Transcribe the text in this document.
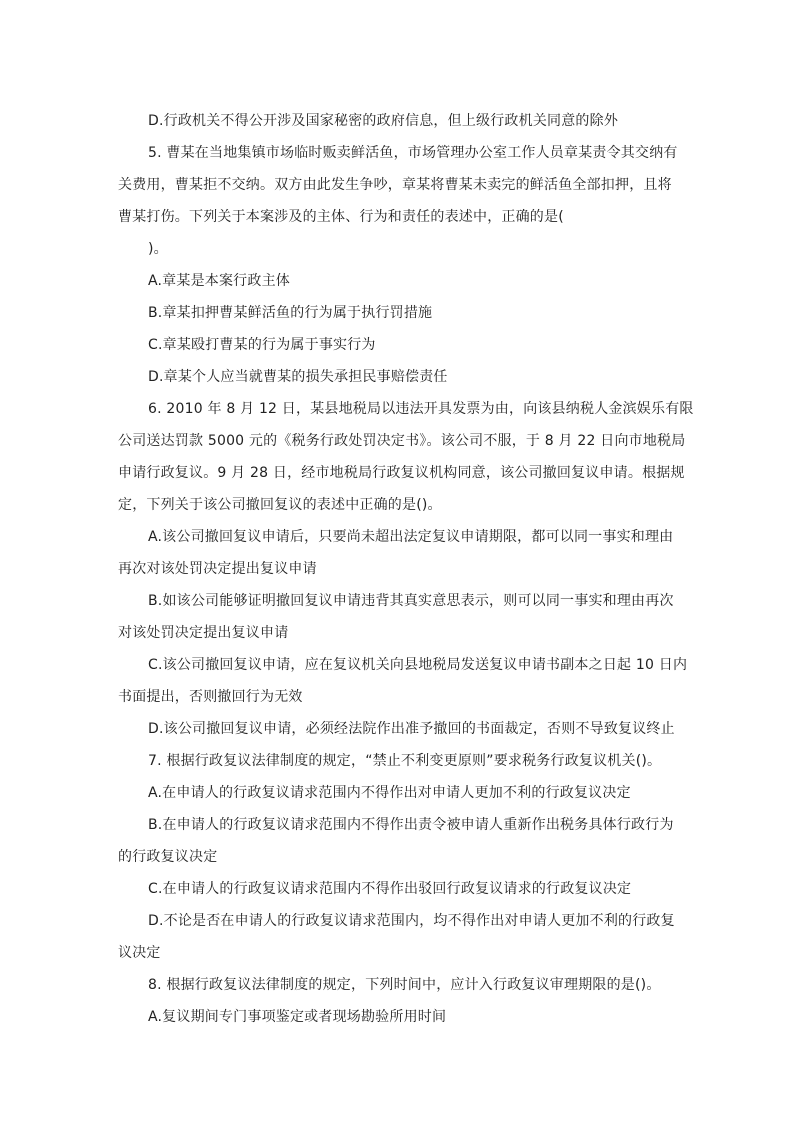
D.行政机关不得公开涉及国家秘密的政府信息，但上级行政机关同意的除外
5. 曹某在当地集镇市场临时贩卖鲜活鱼，市场管理办公室工作人员章某责令其交纳有
关费用，曹某拒不交纳。双方由此发生争吵，章某将曹某未卖完的鲜活鱼全部扣押，且将
曹某打伤。下列关于本案涉及的主体、行为和责任的表述中，正确的是(
)。
A.章某是本案行政主体
B.章某扣押曹某鲜活鱼的行为属于执行罚措施
C.章某殴打曹某的行为属于事实行为
D.章某个人应当就曹某的损失承担民事赔偿责任
6. 2010 年 8 月 12 日，某县地税局以违法开具发票为由，向该县纳税人金滨娱乐有限
公司送达罚款 5000 元的《税务行政处罚决定书》。该公司不服，于 8 月 22 日向市地税局
申请行政复议。9 月 28 日，经市地税局行政复议机构同意，该公司撤回复议申请。根据规
定，下列关于该公司撤回复议的表述中正确的是()。
A.该公司撤回复议申请后，只要尚未超出法定复议申请期限，都可以同一事实和理由
再次对该处罚决定提出复议申请
B.如该公司能够证明撤回复议申请违背其真实意思表示，则可以同一事实和理由再次
对该处罚决定提出复议申请
C.该公司撤回复议申请，应在复议机关向县地税局发送复议申请书副本之日起 10 日内
书面提出，否则撤回行为无效
D.该公司撤回复议申请，必须经法院作出准予撤回的书面裁定，否则不导致复议终止
7. 根据行政复议法律制度的规定，“禁止不利变更原则”要求税务行政复议机关()。
A.在申请人的行政复议请求范围内不得作出对申请人更加不利的行政复议决定
B.在申请人的行政复议请求范围内不得作出责令被申请人重新作出税务具体行政行为
的行政复议决定
C.在申请人的行政复议请求范围内不得作出驳回行政复议请求的行政复议决定
D.不论是否在申请人的行政复议请求范围内，均不得作出对申请人更加不利的行政复
议决定
8. 根据行政复议法律制度的规定，下列时间中，应计入行政复议审理期限的是()。
A.复议期间专门事项鉴定或者现场勘验所用时间
